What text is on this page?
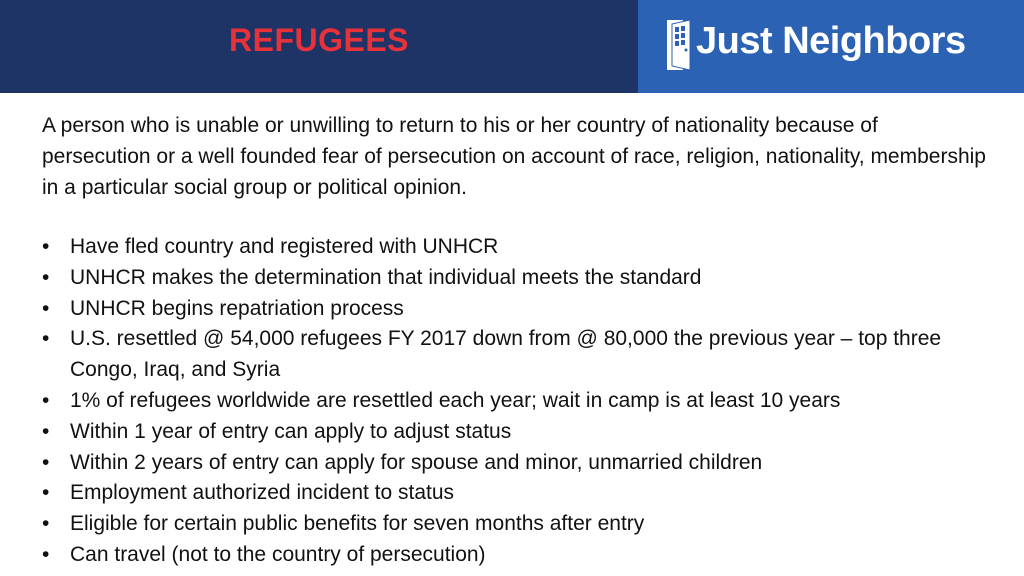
REFUGEES	Just Neighbors

A person who is unable or unwilling to return to his or her country of nationality because of persecution or a well founded fear of persecution on account of race, religion, nationality, membership in a particular social group or political opinion.

• Have fled country and registered with UNHCR
• UNHCR makes the determination that individual meets the standard
• UNHCR begins repatriation process
• U.S. resettled @ 54,000 refugees FY 2017 down from @ 80,000 the previous year – top three Congo, Iraq, and Syria
• 1% of refugees worldwide are resettled each year; wait in camp is at least 10 years
• Within 1 year of entry can apply to adjust status
• Within 2 years of entry can apply for spouse and minor, unmarried children
• Employment authorized incident to status
• Eligible for certain public benefits for seven months after entry
• Can travel (not to the country of persecution)
